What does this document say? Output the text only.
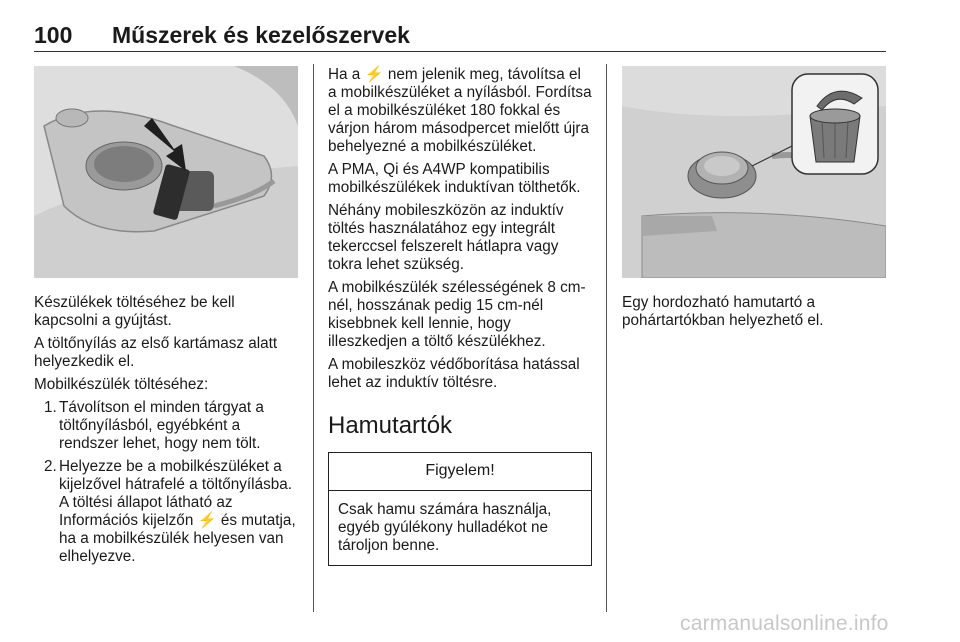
100 Műszerek és kezelőszervek

Készülékek töltéséhez be kell kapcsolni a gyújtást.

A töltőnyílás az első kartámasz alatt helyezkedik el.

Mobilkészülék töltéséhez:

1. Távolítson el minden tárgyat a töltőnyílásból, egyébként a rendszer lehet, hogy nem tölt.
2. Helyezze be a mobilkészüléket a kijelzővel hátrafelé a töltőnyílásba. A töltési állapot látható az Információs kijelzőn ⚡ és mutatja, ha a mobilkészülék helyesen van elhelyezve.

Ha a ⚡ nem jelenik meg, távolítsa el a mobilkészüléket a nyílásból. Fordítsa el a mobilkészüléket 180 fokkal és várjon három másodpercet mielőtt újra behelyezné a mobilkészüléket.

A PMA, Qi és A4WP kompatibilis mobilkészülékek induktívan tölthetők.

Néhány mobileszközön az induktív töltés használatához egy integrált tekerccsel felszerelt hátlapra vagy tokra lehet szükség.

A mobilkészülék szélességének 8 cm-nél, hosszának pedig 15 cm-nél kisebbnek kell lennie, hogy illeszkedjen a töltő készülékhez.

A mobileszköz védőborítása hatással lehet az induktív töltésre.

Hamutartók
Figyelem!
Csak hamu számára használja, egyéb gyúlékony hulladékot ne tároljon benne.

Egy hordozható hamutartó a pohártartókban helyezhető el.

carmanualsonline.info
